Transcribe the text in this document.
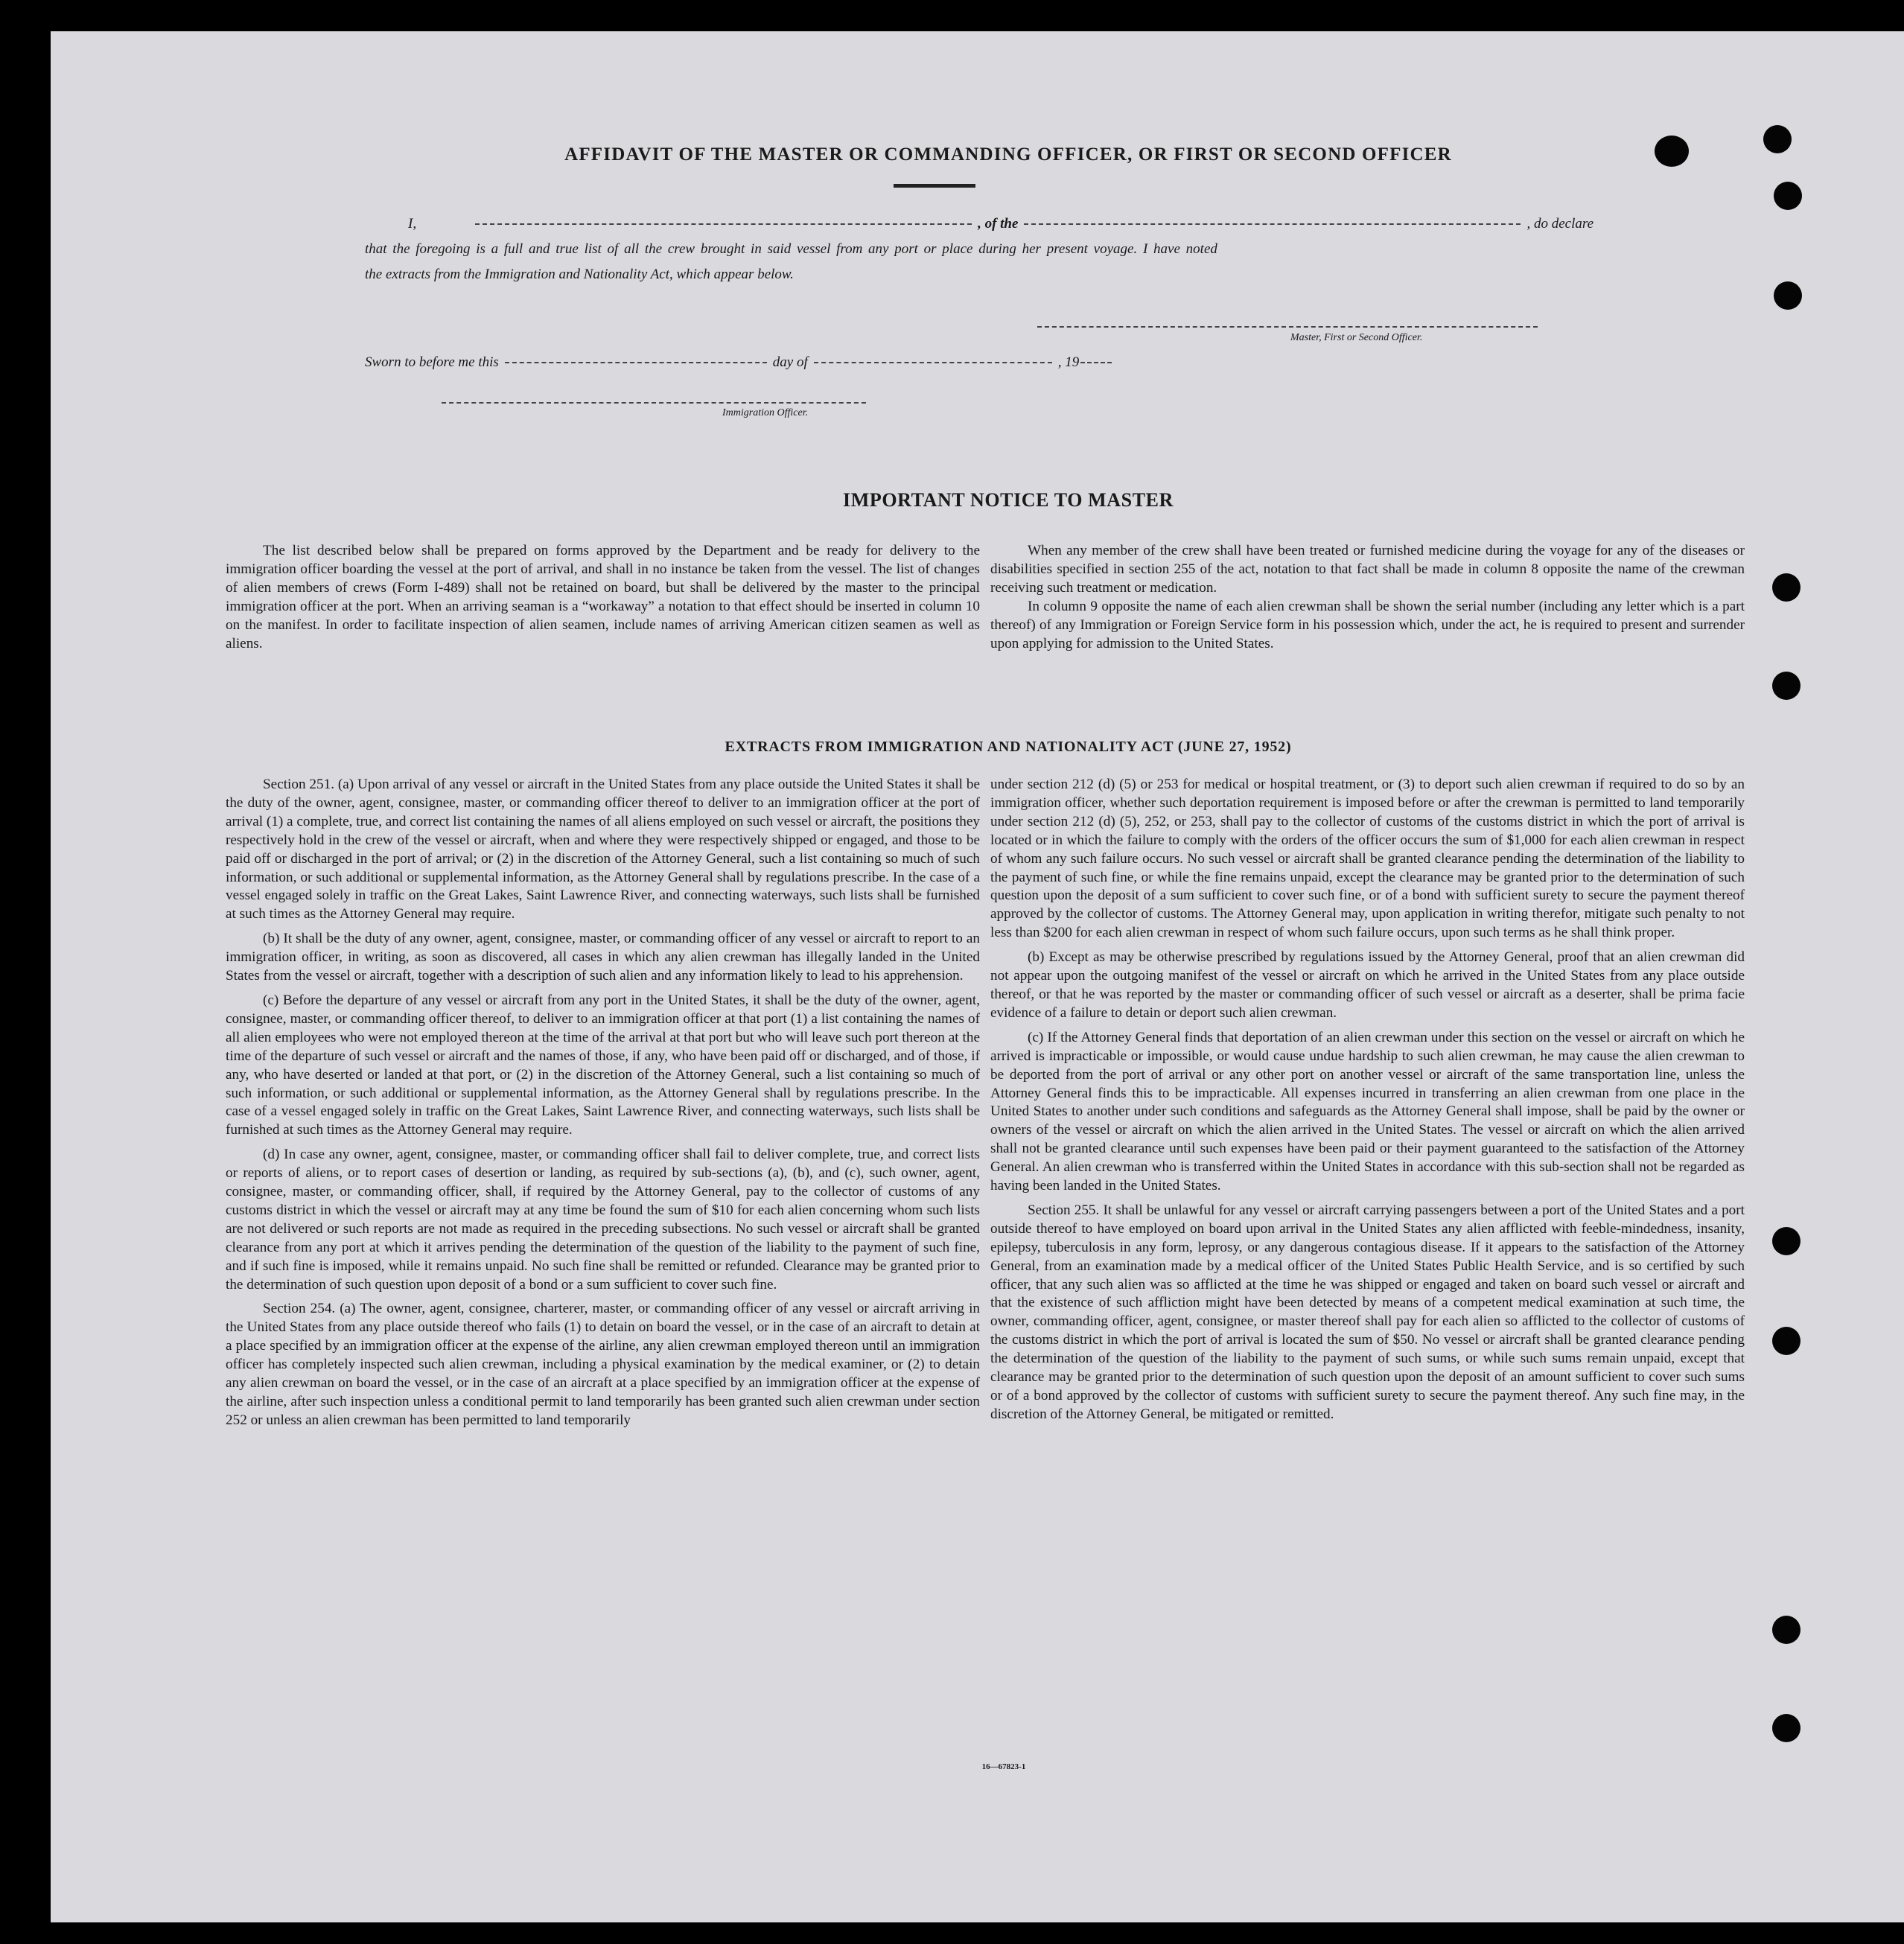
AFFIDAVIT OF THE MASTER OR COMMANDING OFFICER, OR FIRST OR SECOND OFFICER
I,	, of the	, do declare
that the foregoing is a full and true list of all the crew brought in said vessel from any port or place during her present voyage. I have noted
the extracts from the Immigration and Nationality Act, which appear below.
Master, First or Second Officer.
Sworn to before me this	day of	, 19
Immigration Officer.
IMPORTANT NOTICE TO MASTER

The list described below shall be prepared on forms approved by the Department and be ready for delivery to the immigration officer boarding the vessel at the port of arrival, and shall in no instance be taken from the vessel. The list of changes of alien members of crews (Form I-489) shall not be retained on board, but shall be delivered by the master to the principal immigration officer at the port. When an arriving seaman is a “workaway” a notation to that effect should be inserted in column 10 on the manifest. In order to facilitate inspection of alien seamen, include names of arriving American citizen seamen as well as aliens.

When any member of the crew shall have been treated or furnished medicine during the voyage for any of the diseases or disabilities specified in section 255 of the act, notation to that fact shall be made in column 8 opposite the name of the crewman receiving such treatment or medication.

In column 9 opposite the name of each alien crewman shall be shown the serial number (including any letter which is a part thereof) of any Immigration or Foreign Service form in his possession which, under the act, he is required to present and surrender upon applying for admission to the United States.

EXTRACTS FROM IMMIGRATION AND NATIONALITY ACT (JUNE 27, 1952)

Section 251. (a) Upon arrival of any vessel or aircraft in the United States from any place outside the United States it shall be the duty of the owner, agent, consignee, master, or commanding officer thereof to deliver to an immigration officer at the port of arrival (1) a complete, true, and correct list containing the names of all aliens employed on such vessel or aircraft, the positions they respectively hold in the crew of the vessel or aircraft, when and where they were respectively shipped or engaged, and those to be paid off or discharged in the port of arrival; or (2) in the discretion of the Attorney General, such a list containing so much of such information, or such additional or supplemental information, as the Attorney General shall by regulations prescribe. In the case of a vessel engaged solely in traffic on the Great Lakes, Saint Lawrence River, and connecting waterways, such lists shall be furnished at such times as the Attorney General may require.

(b) It shall be the duty of any owner, agent, consignee, master, or commanding officer of any vessel or aircraft to report to an immigration officer, in writing, as soon as discovered, all cases in which any alien crewman has illegally landed in the United States from the vessel or aircraft, together with a description of such alien and any information likely to lead to his apprehension.

(c) Before the departure of any vessel or aircraft from any port in the United States, it shall be the duty of the owner, agent, consignee, master, or commanding officer thereof, to deliver to an immigration officer at that port (1) a list containing the names of all alien employees who were not employed thereon at the time of the arrival at that port but who will leave such port thereon at the time of the departure of such vessel or aircraft and the names of those, if any, who have been paid off or discharged, and of those, if any, who have deserted or landed at that port, or (2) in the discretion of the Attorney General, such a list containing so much of such information, or such additional or supplemental information, as the Attorney General shall by regulations prescribe. In the case of a vessel engaged solely in traffic on the Great Lakes, Saint Lawrence River, and connecting waterways, such lists shall be furnished at such times as the Attorney General may require.

(d) In case any owner, agent, consignee, master, or commanding officer shall fail to deliver complete, true, and correct lists or reports of aliens, or to report cases of desertion or landing, as required by sub-sections (a), (b), and (c), such owner, agent, consignee, master, or commanding officer, shall, if required by the Attorney General, pay to the collector of customs of any customs district in which the vessel or aircraft may at any time be found the sum of $10 for each alien concerning whom such lists are not delivered or such reports are not made as required in the preceding subsections. No such vessel or aircraft shall be granted clearance from any port at which it arrives pending the determination of the question of the liability to the payment of such fine, and if such fine is imposed, while it remains unpaid. No such fine shall be remitted or refunded. Clearance may be granted prior to the determination of such question upon deposit of a bond or a sum sufficient to cover such fine.

Section 254. (a) The owner, agent, consignee, charterer, master, or commanding officer of any vessel or aircraft arriving in the United States from any place outside thereof who fails (1) to detain on board the vessel, or in the case of an aircraft to detain at a place specified by an immigration officer at the expense of the airline, any alien crewman employed thereon until an immigration officer has completely inspected such alien crewman, including a physical examination by the medical examiner, or (2) to detain any alien crewman on board the vessel, or in the case of an aircraft at a place specified by an immigration officer at the expense of the airline, after such inspection unless a conditional permit to land temporarily has been granted such alien crewman under section 252 or unless an alien crewman has been permitted to land temporarily

under section 212 (d) (5) or 253 for medical or hospital treatment, or (3) to deport such alien crewman if required to do so by an immigration officer, whether such deportation requirement is imposed before or after the crewman is permitted to land temporarily under section 212 (d) (5), 252, or 253, shall pay to the collector of customs of the customs district in which the port of arrival is located or in which the failure to comply with the orders of the officer occurs the sum of $1,000 for each alien crewman in respect of whom any such failure occurs. No such vessel or aircraft shall be granted clearance pending the determination of the liability to the payment of such fine, or while the fine remains unpaid, except the clearance may be granted prior to the determination of such question upon the deposit of a sum sufficient to cover such fine, or of a bond with sufficient surety to secure the payment thereof approved by the collector of customs. The Attorney General may, upon application in writing therefor, mitigate such penalty to not less than $200 for each alien crewman in respect of whom such failure occurs, upon such terms as he shall think proper.

(b) Except as may be otherwise prescribed by regulations issued by the Attorney General, proof that an alien crewman did not appear upon the outgoing manifest of the vessel or aircraft on which he arrived in the United States from any place outside thereof, or that he was reported by the master or commanding officer of such vessel or aircraft as a deserter, shall be prima facie evidence of a failure to detain or deport such alien crewman.

(c) If the Attorney General finds that deportation of an alien crewman under this section on the vessel or aircraft on which he arrived is impracticable or impossible, or would cause undue hardship to such alien crewman, he may cause the alien crewman to be deported from the port of arrival or any other port on another vessel or aircraft of the same transportation line, unless the Attorney General finds this to be impracticable. All expenses incurred in transferring an alien crewman from one place in the United States to another under such conditions and safeguards as the Attorney General shall impose, shall be paid by the owner or owners of the vessel or aircraft on which the alien arrived in the United States. The vessel or aircraft on which the alien arrived shall not be granted clearance until such expenses have been paid or their payment guaranteed to the satisfaction of the Attorney General. An alien crewman who is transferred within the United States in accordance with this sub-section shall not be regarded as having been landed in the United States.

Section 255. It shall be unlawful for any vessel or aircraft carrying passengers between a port of the United States and a port outside thereof to have employed on board upon arrival in the United States any alien afflicted with feeble-mindedness, insanity, epilepsy, tuberculosis in any form, leprosy, or any dangerous contagious disease. If it appears to the satisfaction of the Attorney General, from an examination made by a medical officer of the United States Public Health Service, and is so certified by such officer, that any such alien was so afflicted at the time he was shipped or engaged and taken on board such vessel or aircraft and that the existence of such affliction might have been detected by means of a competent medical examination at such time, the owner, commanding officer, agent, consignee, or master thereof shall pay for each alien so afflicted to the collector of customs of the customs district in which the port of arrival is located the sum of $50. No vessel or aircraft shall be granted clearance pending the determination of the question of the liability to the payment of such sums, or while such sums remain unpaid, except that clearance may be granted prior to the determination of such question upon the deposit of an amount sufficient to cover such sums or of a bond approved by the collector of customs with sufficient surety to secure the payment thereof. Any such fine may, in the discretion of the Attorney General, be mitigated or remitted.

16—67823-1
